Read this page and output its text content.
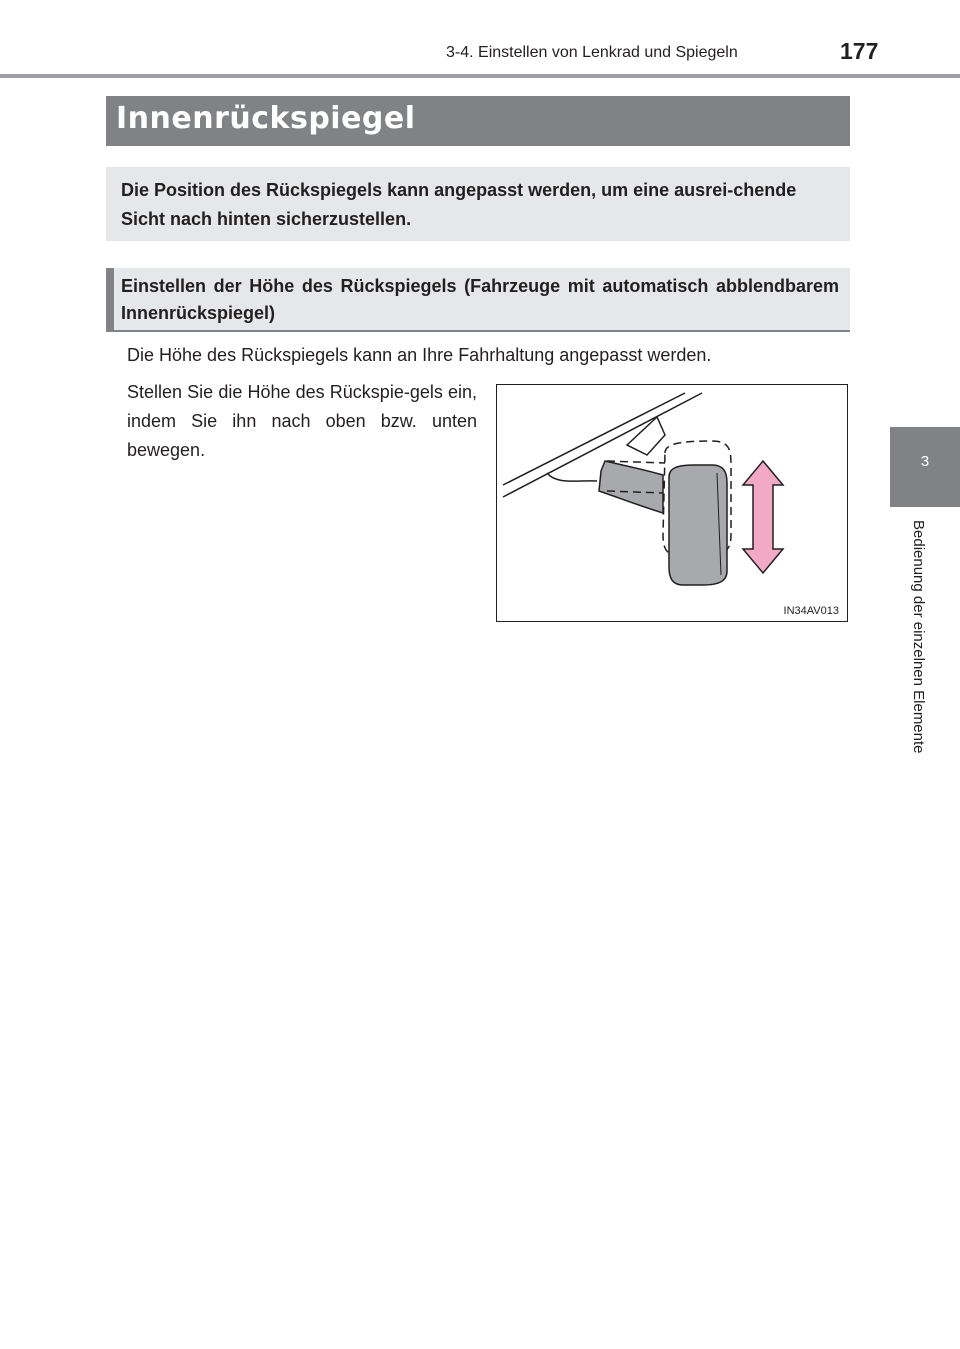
3-4. Einstellen von Lenkrad und Spiegeln	177
3
Bedienung der einzelnen Elemente
Innenrückspiegel
Die Position des Rückspiegels kann angepasst werden, um eine ausrei-chende Sicht nach hinten sicherzustellen.
Einstellen der Höhe des Rückspiegels (Fahrzeuge mit automatisch abblendbarem Innenrückspiegel)
Die Höhe des Rückspiegels kann an Ihre Fahrhaltung angepasst werden.
Stellen Sie die Höhe des Rückspie-gels ein, indem Sie ihn nach oben bzw. unten bewegen.
IN34AV013
